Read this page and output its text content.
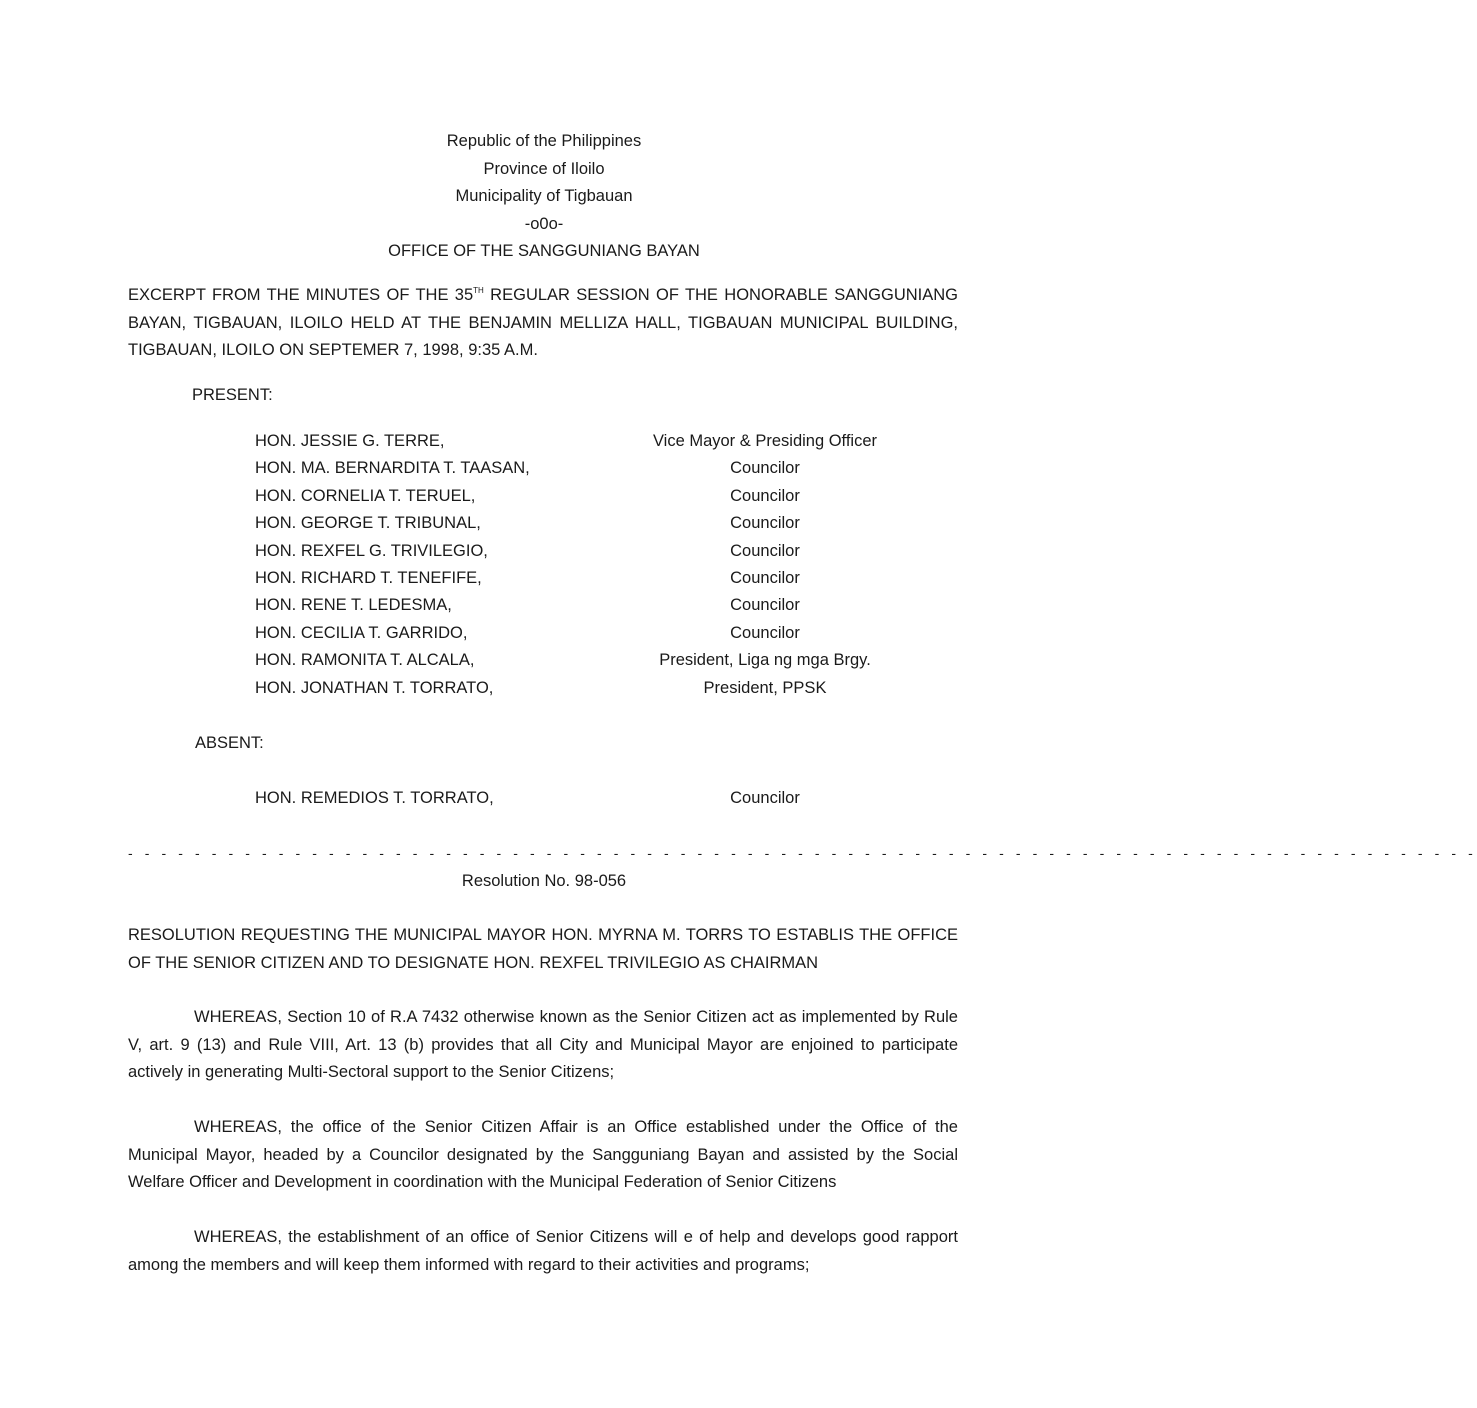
Republic of the Philippines
Province of Iloilo
Municipality of Tigbauan
-o0o-
OFFICE OF THE SANGGUNIANG BAYAN

EXCERPT FROM THE MINUTES OF THE 35TH REGULAR SESSION OF THE HONORABLE SANGGUNIANG BAYAN, TIGBAUAN, ILOILO HELD AT THE BENJAMIN MELLIZA HALL, TIGBAUAN MUNICIPAL BUILDING, TIGBAUAN, ILOILO ON SEPTEMER 7, 1998, 9:35 A.M.

PRESENT:
HON. JESSIE G. TERRE,	Vice Mayor & Presiding Officer
HON. MA. BERNARDITA T. TAASAN,	Councilor
HON. CORNELIA T. TERUEL,	Councilor
HON. GEORGE T. TRIBUNAL,	Councilor
HON. REXFEL G. TRIVILEGIO,	Councilor
HON. RICHARD T. TENEFIFE,	Councilor
HON. RENE T. LEDESMA,	Councilor
HON. CECILIA T. GARRIDO,	Councilor
HON. RAMONITA T. ALCALA,	President, Liga ng mga Brgy.
HON. JONATHAN T. TORRATO,	President, PPSK
ABSENT:
HON. REMEDIOS T. TORRATO,	Councilor
- - - - - - - - - - - - - - - - - - - - - - - - - - - - - - - - - - - - - - - - - - - - - - - - - - - - - - - - - - - - - - - - - - - - - - - - - - - - - - - - -
Resolution No. 98-056

RESOLUTION REQUESTING THE MUNICIPAL MAYOR HON. MYRNA M. TORRS TO ESTABLIS THE OFFICE OF THE SENIOR CITIZEN AND TO DESIGNATE HON. REXFEL TRIVILEGIO AS CHAIRMAN

WHEREAS, Section 10 of R.A 7432 otherwise known as the Senior Citizen act as implemented by Rule V, art. 9 (13) and Rule VIII, Art. 13 (b) provides that all City and Municipal Mayor are enjoined to participate actively in generating Multi-Sectoral support to the Senior Citizens;

WHEREAS, the office of the Senior Citizen Affair is an Office established under the Office of the Municipal Mayor, headed by a Councilor designated by the Sangguniang Bayan and assisted by the Social Welfare Officer and Development in coordination with the Municipal Federation of Senior Citizens

WHEREAS, the establishment of an office of Senior Citizens will e of help and develops good rapport among the members and will keep them informed with regard to their activities and programs;
